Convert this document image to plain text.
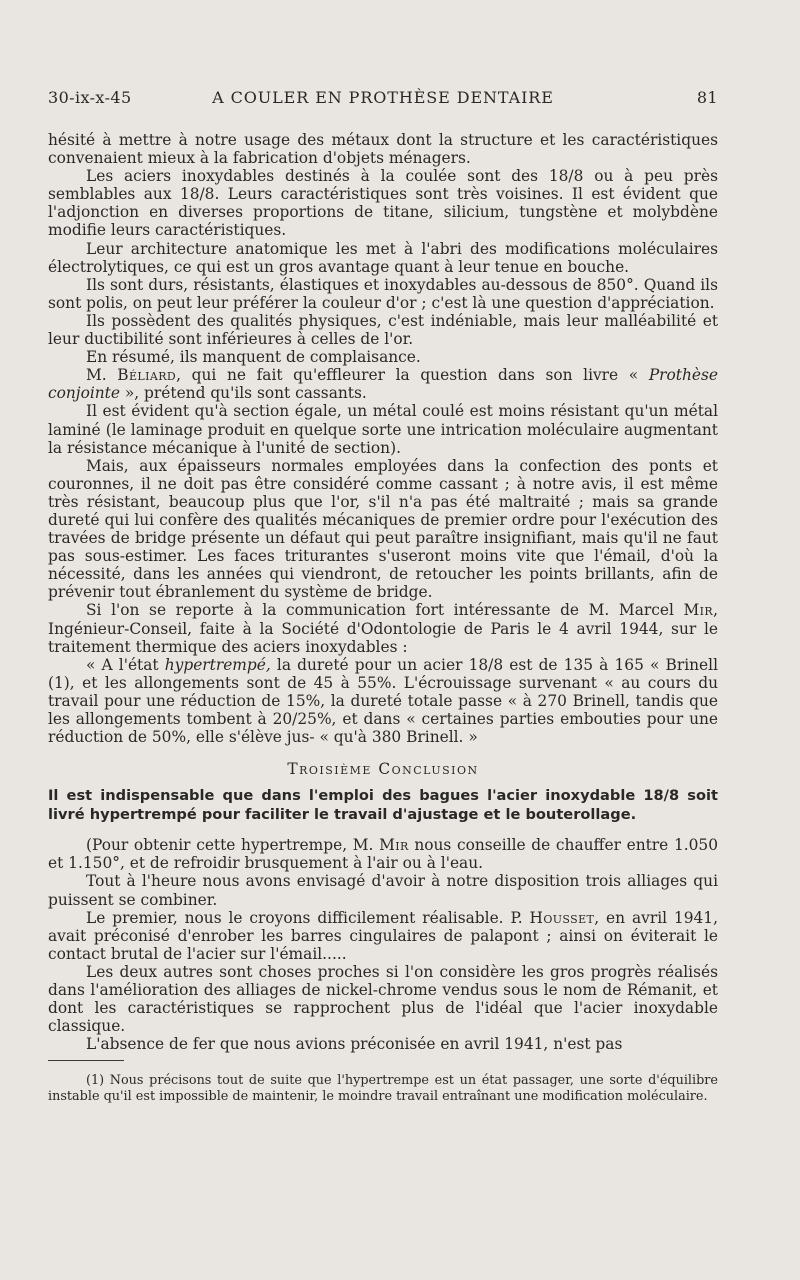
30-ix-x-45	A COULER EN PROTHÈSE DENTAIRE	81

hésité à mettre à notre usage des métaux dont la structure et les caractéristiques convenaient mieux à la fabrication d'objets ménagers.

Les aciers inoxydables destinés à la coulée sont des 18/8 ou à peu près semblables aux 18/8. Leurs caractéristiques sont très voisines. Il est évident que l'adjonction en diverses proportions de titane, silicium, tungstène et molybdène modifie leurs caractéristiques.

Leur architecture anatomique les met à l'abri des modifications moléculaires électrolytiques, ce qui est un gros avantage quant à leur tenue en bouche.

Ils sont durs, résistants, élastiques et inoxydables au-dessous de 850°. Quand ils sont polis, on peut leur préférer la couleur d'or ; c'est là une question d'appréciation.

Ils possèdent des qualités physiques, c'est indéniable, mais leur malléabilité et leur ductibilité sont inférieures à celles de l'or.

En résumé, ils manquent de complaisance.

M. Béliard, qui ne fait qu'effleurer la question dans son livre « Prothèse conjointe », prétend qu'ils sont cassants.

Il est évident qu'à section égale, un métal coulé est moins résistant qu'un métal laminé (le laminage produit en quelque sorte une intrication moléculaire augmentant la résistance mécanique à l'unité de section).

Mais, aux épaisseurs normales employées dans la confection des ponts et couronnes, il ne doit pas être considéré comme cassant ; à notre avis, il est même très résistant, beaucoup plus que l'or, s'il n'a pas été maltraité ; mais sa grande dureté qui lui confère des qualités mécaniques de premier ordre pour l'exécution des travées de bridge présente un défaut qui peut paraître insignifiant, mais qu'il ne faut pas sous-estimer. Les faces triturantes s'useront moins vite que l'émail, d'où la nécessité, dans les années qui viendront, de retoucher les points brillants, afin de prévenir tout ébranlement du système de bridge.

Si l'on se reporte à la communication fort intéressante de M. Marcel Mir, Ingénieur-Conseil, faite à la Société d'Odontologie de Paris le 4 avril 1944, sur le traitement thermique des aciers inoxydables :

« A l'état hypertrempé, la dureté pour un acier 18/8 est de 135 à 165 « Brinell (1), et les allongements sont de 45 à 55%. L'écrouissage survenant « au cours du travail pour une réduction de 15%, la dureté totale passe « à 270 Brinell, tandis que les allongements tombent à 20/25%, et dans « certaines parties embouties pour une réduction de 50%, elle s'élève jus- « qu'à 380 Brinell. »

Troisième Conclusion
Il est indispensable que dans l'emploi des bagues l'acier inoxydable 18/8 soit livré hypertrempé pour faciliter le travail d'ajustage et le bouterollage.

(Pour obtenir cette hypertrempe, M. Mir nous conseille de chauffer entre 1.050 et 1.150°, et de refroidir brusquement à l'air ou à l'eau.

Tout à l'heure nous avons envisagé d'avoir à notre disposition trois alliages qui puissent se combiner.

Le premier, nous le croyons difficilement réalisable. P. Housset, en avril 1941, avait préconisé d'enrober les barres cingulaires de palapont ; ainsi on éviterait le contact brutal de l'acier sur l'émail.....

Les deux autres sont choses proches si l'on considère les gros progrès réalisés dans l'amélioration des alliages de nickel-chrome vendus sous le nom de Rémanit, et dont les caractéristiques se rapprochent plus de l'idéal que l'acier inoxydable classique.

L'absence de fer que nous avions préconisée en avril 1941, n'est pas

(1) Nous précisons tout de suite que l'hypertrempe est un état passager, une sorte d'équilibre instable qu'il est impossible de maintenir, le moindre travail entraînant une modification moléculaire.
